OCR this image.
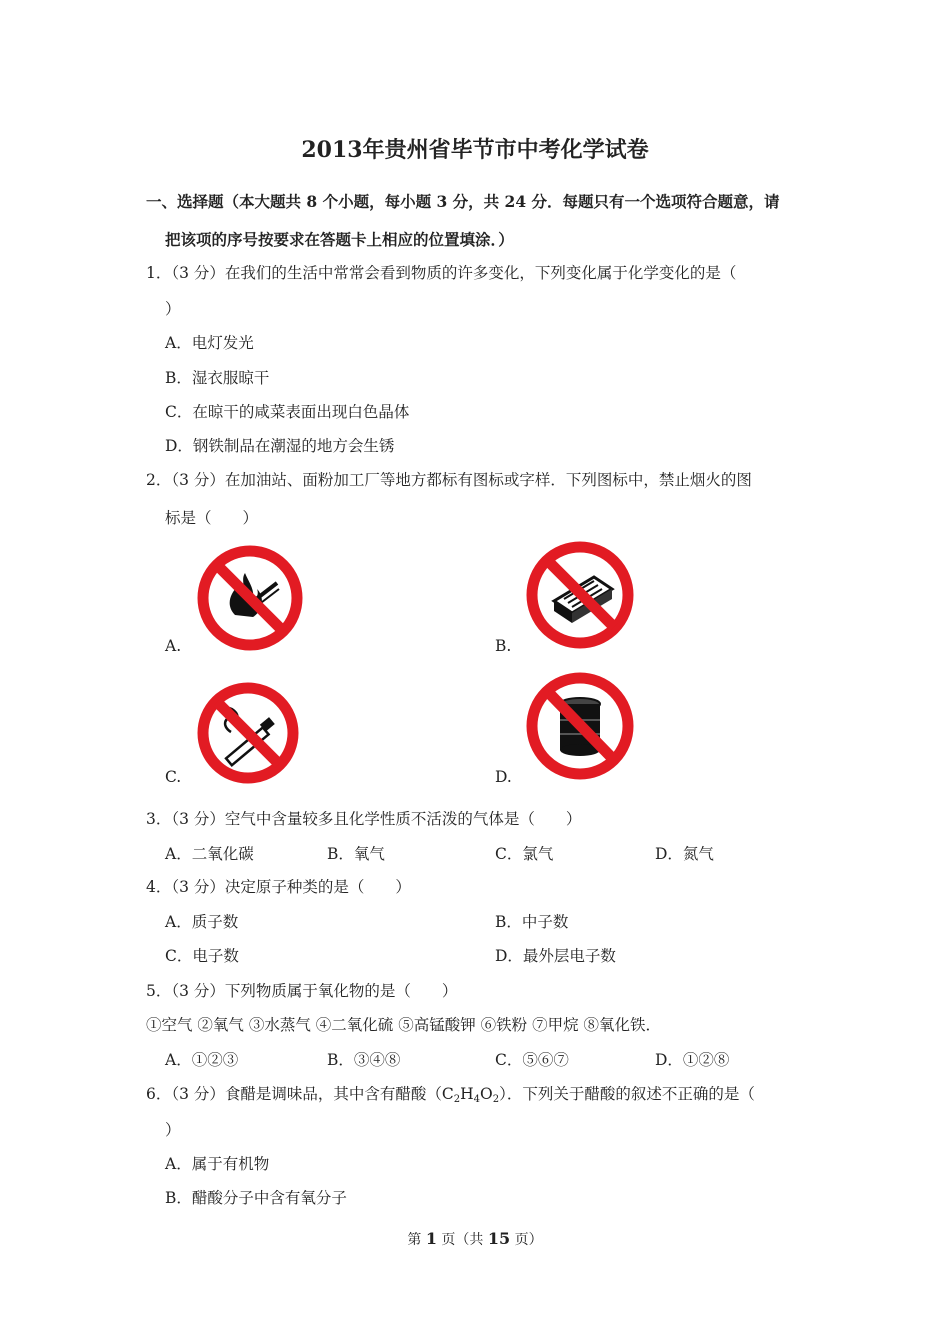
2013年贵州省毕节市中考化学试卷
一、选择题（本大题共 8 个小题，每小题 3 分，共 24 分．每题只有一个选项符合题意，请
把该项的序号按要求在答题卡上相应的位置填涂．）
1．（3 分）在我们的生活中常常会看到物质的许多变化，下列变化属于化学变化的是（
）
A．电灯发光
B．湿衣服晾干
C．在晾干的咸菜表面出现白色晶体
D．钢铁制品在潮湿的地方会生锈
2．（3 分）在加油站、面粉加工厂等地方都标有图标或字样．下列图标中，禁止烟火的图
标是（　　）
A.	B.
C.	D.
3．（3 分）空气中含量较多且化学性质不活泼的气体是（　　）
A．二氧化碳	B．氧气	C．氯气	D．氮气
4．（3 分）决定原子种类的是（　　）
A．质子数	B．中子数
C．电子数	D．最外层电子数
5．（3 分）下列物质属于氧化物的是（　　）
①空气 ②氧气 ③水蒸气 ④二氧化硫 ⑤高锰酸钾 ⑥铁粉 ⑦甲烷 ⑧氧化铁．
A．①②③	B．③④⑧	C．⑤⑥⑦	D．①②⑧
6．（3 分）食醋是调味品，其中含有醋酸$(C_2H_4O_2)$．下列关于醋酸的叙述不正确的是（
）
A．属于有机物
B．醋酸分子中含有氧分子
第 1 页（共 15 页）
